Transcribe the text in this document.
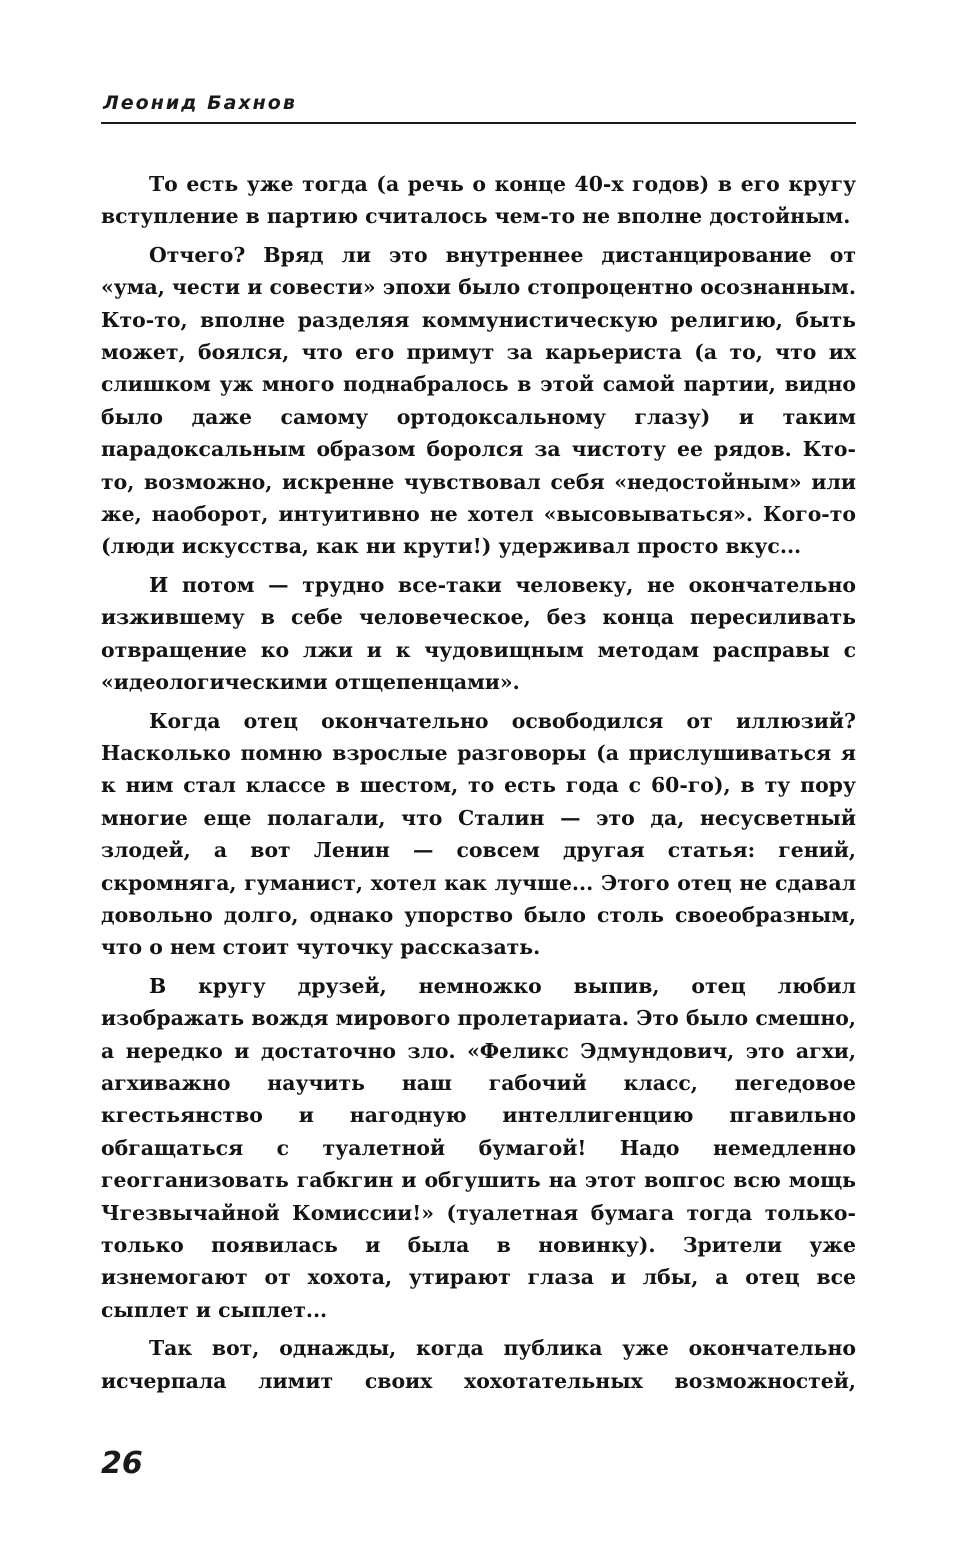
Леонид Бахнов

То есть уже тогда (а речь о конце 40-х годов) в его кругу вступление в партию считалось чем-то не вполне достойным.

Отчего? Вряд ли это внутреннее дистанцирование от «ума, чести и совести» эпохи было стопроцентно осознанным. Кто-то, вполне разделяя коммунистическую религию, быть может, боялся, что его примут за карьериста (а то, что их слишком уж много поднабралось в этой самой партии, видно было даже самому ортодоксальному глазу) и таким парадоксальным образом боролся за чистоту ее рядов. Кто-то, возможно, искренне чувствовал себя «недостойным» или же, наоборот, интуитивно не хотел «высовываться». Кого-то (люди искусства, как ни крути!) удерживал просто вкус...

И потом — трудно все-таки человеку, не окончательно изжившему в себе человеческое, без конца пересиливать отвращение ко лжи и к чудовищным методам расправы с «идеологическими отщепенцами».

Когда отец окончательно освободился от иллюзий? Насколько помню взрослые разговоры (а прислушиваться я к ним стал классе в шестом, то есть года с 60-го), в ту пору многие еще полагали, что Сталин — это да, несусветный злодей, а вот Ленин — совсем другая статья: гений, скромняга, гуманист, хотел как лучше... Этого отец не сдавал довольно долго, однако упорство было столь своеобразным, что о нем стоит чуточку рассказать.

В кругу друзей, немножко выпив, отец любил изображать вождя мирового пролетариата. Это было смешно, а нередко и достаточно зло. «Феликс Эдмундович, это агхи, агхиважно научить наш габочий класс, пегедовое кгестьянство и нагодную интеллигенцию пгавильно обгащаться с туалетной бумагой! Надо немедленно геогганизовать габкгин и обгушить на этот вопгос всю мощь Чгезвычайной Комиссии!» (туалетная бумага тогда только-только появилась и была в новинку). Зрители уже изнемогают от хохота, утирают глаза и лбы, а отец все сыплет и сыплет...

Так вот, однажды, когда публика уже окончательно исчерпала лимит своих хохотательных возможностей,

26
